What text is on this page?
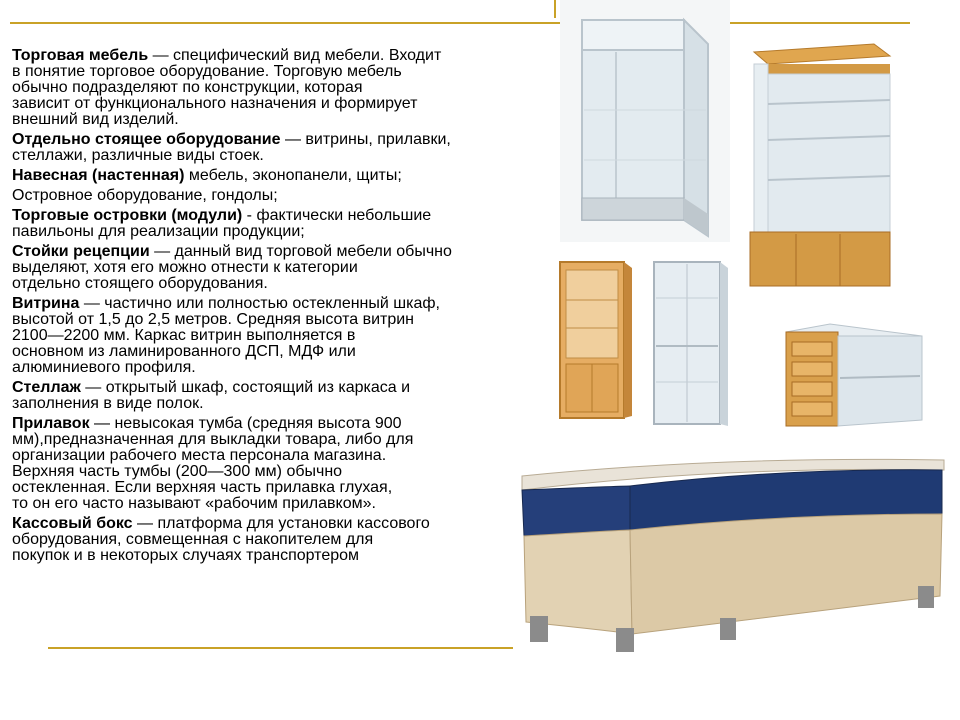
Торговая мебель — специфический вид мебели. Входит
в понятие торговое оборудование. Торговую мебель
обычно подразделяют по конструкции, которая
зависит от функционального назначения и формирует
внешний вид изделий.

Отдельно стоящее оборудование — витрины, прилавки,
стеллажи, различные виды стоек.

Навесная (настенная) мебель, эконопанели, щиты;

Островное оборудование, гондолы;

Торговые островки (модули) - фактически небольшие
павильоны для реализации продукции;

Стойки рецепции — данный вид торговой мебели обычно
выделяют, хотя его можно отнести к категории
отдельно стоящего оборудования.

Витрина — частично или полностью остекленный шкаф,
высотой от 1,5 до 2,5 метров. Средняя высота витрин
2100—2200 мм. Каркас витрин выполняется в
основном из ламинированного ДСП, МДФ или
алюминиевого профиля.

Стеллаж — открытый шкаф, состоящий из каркаса и
заполнения в виде полок.

Прилавок — невысокая тумба (средняя высота 900
мм),предназначенная для выкладки товара, либо для
организации рабочего места персонала магазина.
Верхняя часть тумбы (200—300 мм) обычно
остекленная. Если верхняя часть прилавка глухая,
то он его часто называют «рабочим прилавком».

Кассовый бокс — платформа для установки кассового
оборудования, совмещенная с накопителем для
покупок и в некоторых случаях транспортером
